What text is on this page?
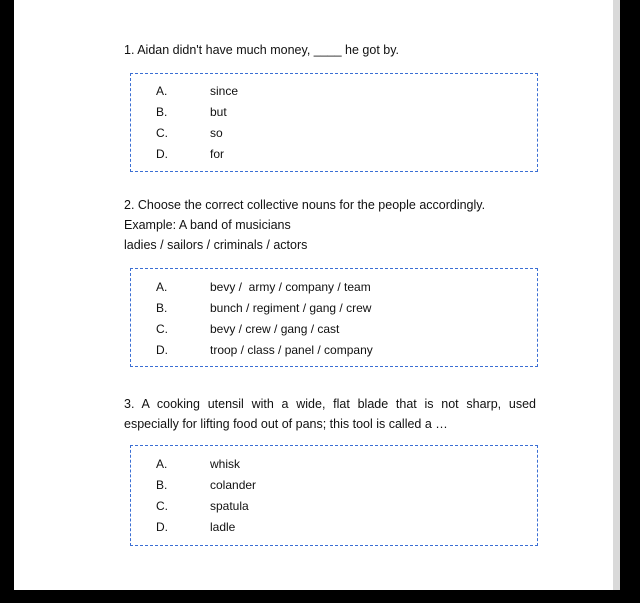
1. Aidan didn't have much money, ____ he got by.
A.	since
B.	but
C.	so
D.	for
2. Choose the correct collective nouns for the people accordingly.
Example: A band of musicians
ladies / sailors / criminals / actors
A.	bevy /  army / company / team
B.	bunch / regiment / gang / crew
C.	bevy / crew / gang / cast
D.	troop / class / panel / company

3. A cooking utensil with a wide, flat blade that is not sharp, used

especially for lifting food out of pans; this tool is called a …

A.	whisk
B.	colander
C.	spatula
D.	ladle
